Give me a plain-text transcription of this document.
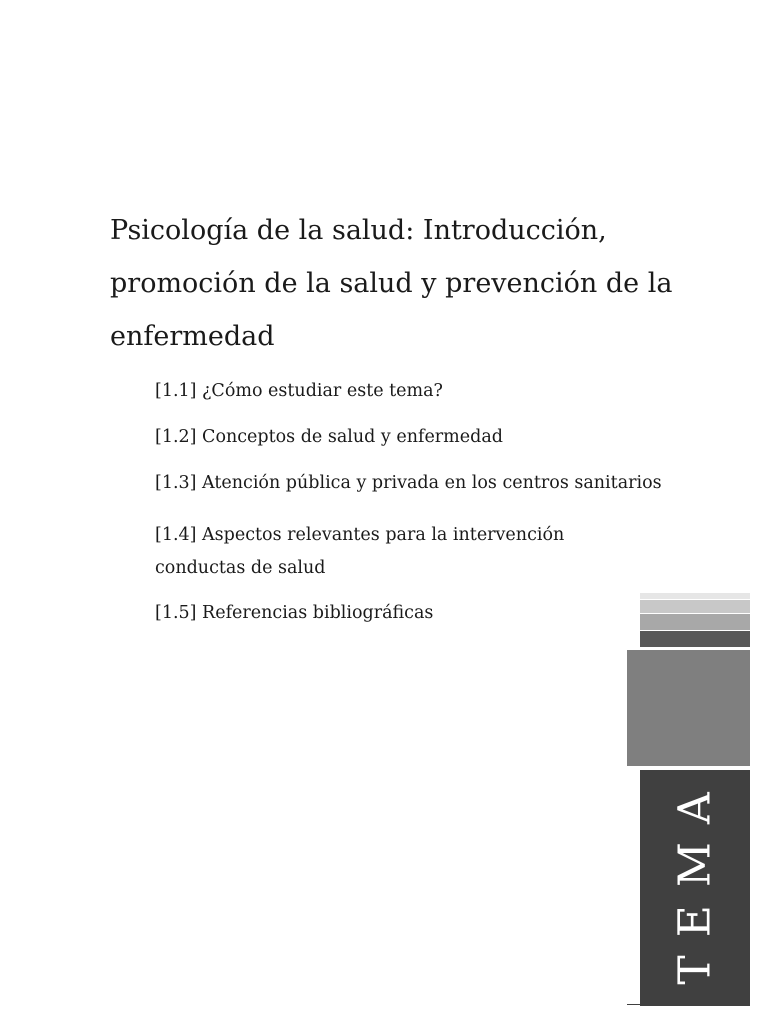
Psicología de la salud: Introducción,
promoción de la salud y prevención de la
enfermedad
[1.1] ¿Cómo estudiar este tema?
[1.2] Conceptos de salud y enfermedad
[1.3] Atención pública y privada en los centros sanitarios
[1.4] Aspectos relevantes para la intervención
conductas de salud
[1.5] Referencias bibliográficas
TEMA
